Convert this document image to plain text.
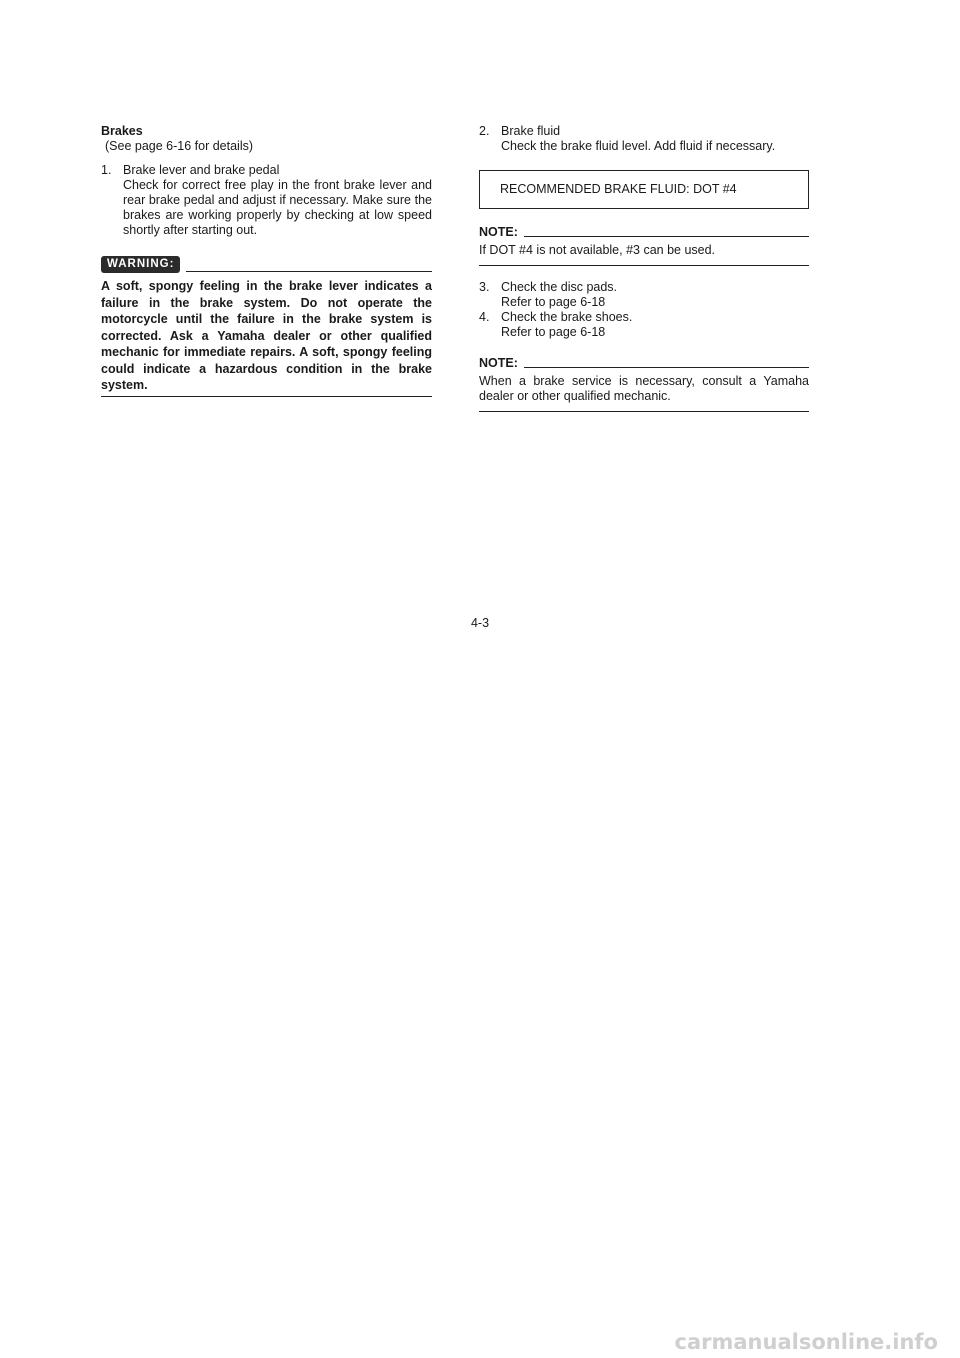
Brakes

(See page 6-16 for details)
1. Brake lever and brake pedal
Check for correct free play in the front brake lever and rear brake pedal and adjust if necessary. Make sure the brakes are working properly by checking at low speed shortly after starting out.
WARNING:
A soft, spongy feeling in the brake lever indicates a failure in the brake system. Do not operate the motorcycle until the failure in the brake system is corrected. Ask a Yamaha dealer or other qualified mechanic for immediate repairs. A soft, spongy feeling could indicate a hazardous condition in the brake system.
2. Brake fluid
Check the brake fluid level. Add fluid if necessary.
RECOMMENDED BRAKE FLUID: DOT #4
NOTE:
If DOT #4 is not available, #3 can be used.
3. Check the disc pads.
Refer to page 6-18
4. Check the brake shoes.
Refer to page 6-18
NOTE:
When a brake service is necessary, consult a Yamaha dealer or other qualified mechanic.
4-3
carmanualsonline.info
